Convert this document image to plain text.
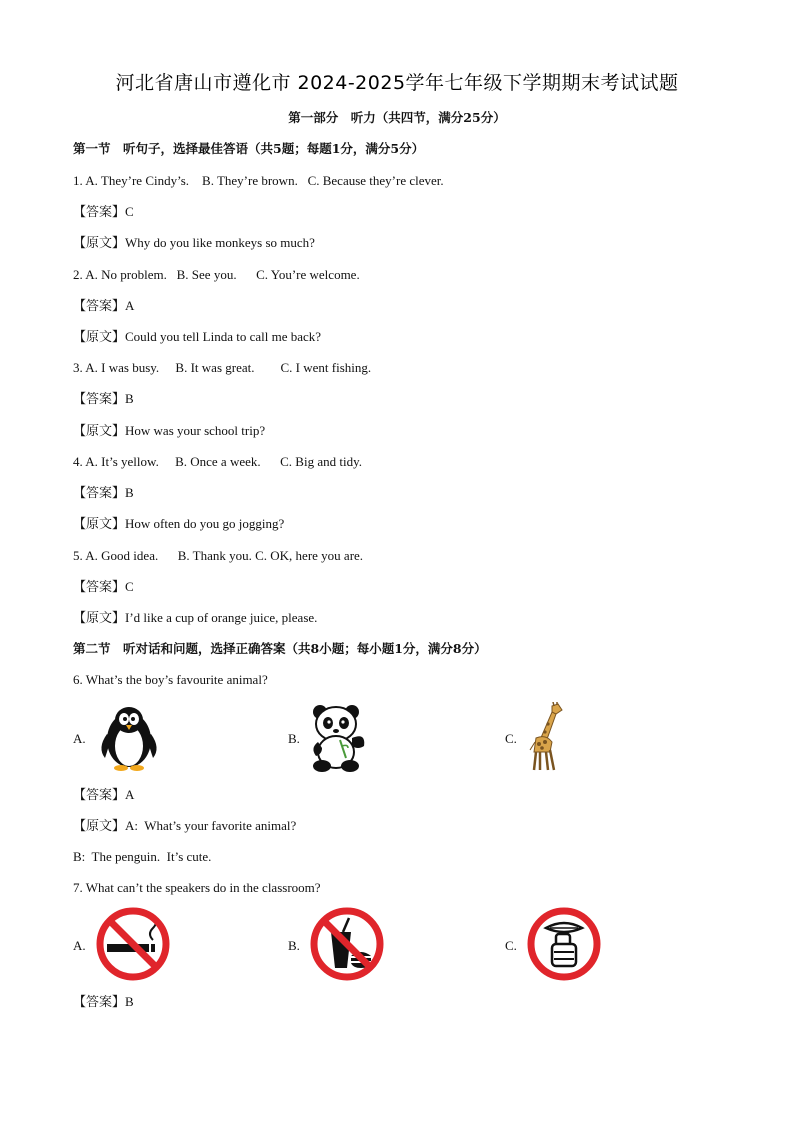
河北省唐山市遵化市 2024-2025学年七年级下学期期末考试试题
第一部分　听力（共四节，满分25分）
第一节　听句子，选择最佳答语（共5题；每题1分，满分5分）
1. A. They’re Cindy’s.    B. They’re brown.   C. Because they’re clever.
【答案】C
【原文】Why do you like monkeys so much?
2. A. No problem.   B. See you.      C. You’re welcome.
【答案】A
【原文】Could you tell Linda to call me back?
3. A. I was busy.     B. It was great.        C. I went fishing.
【答案】B
【原文】How was your school trip?
4. A. It’s yellow.     B. Once a week.      C. Big and tidy.
【答案】B
【原文】How often do you go jogging?
5. A. Good idea.      B. Thank you. C. OK, here you are.
【答案】C
【原文】I’d like a cup of orange juice, please.
第二节　听对话和问题，选择正确答案（共8小题；每小题1分，满分8分）
6. What’s the boy’s favourite animal?
A.	B.	C.
【答案】A
【原文】A:  What’s your favorite animal?
B:  The penguin.  It’s cute.
7. What can’t the speakers do in the classroom?
A.	B.	C.
【答案】B
